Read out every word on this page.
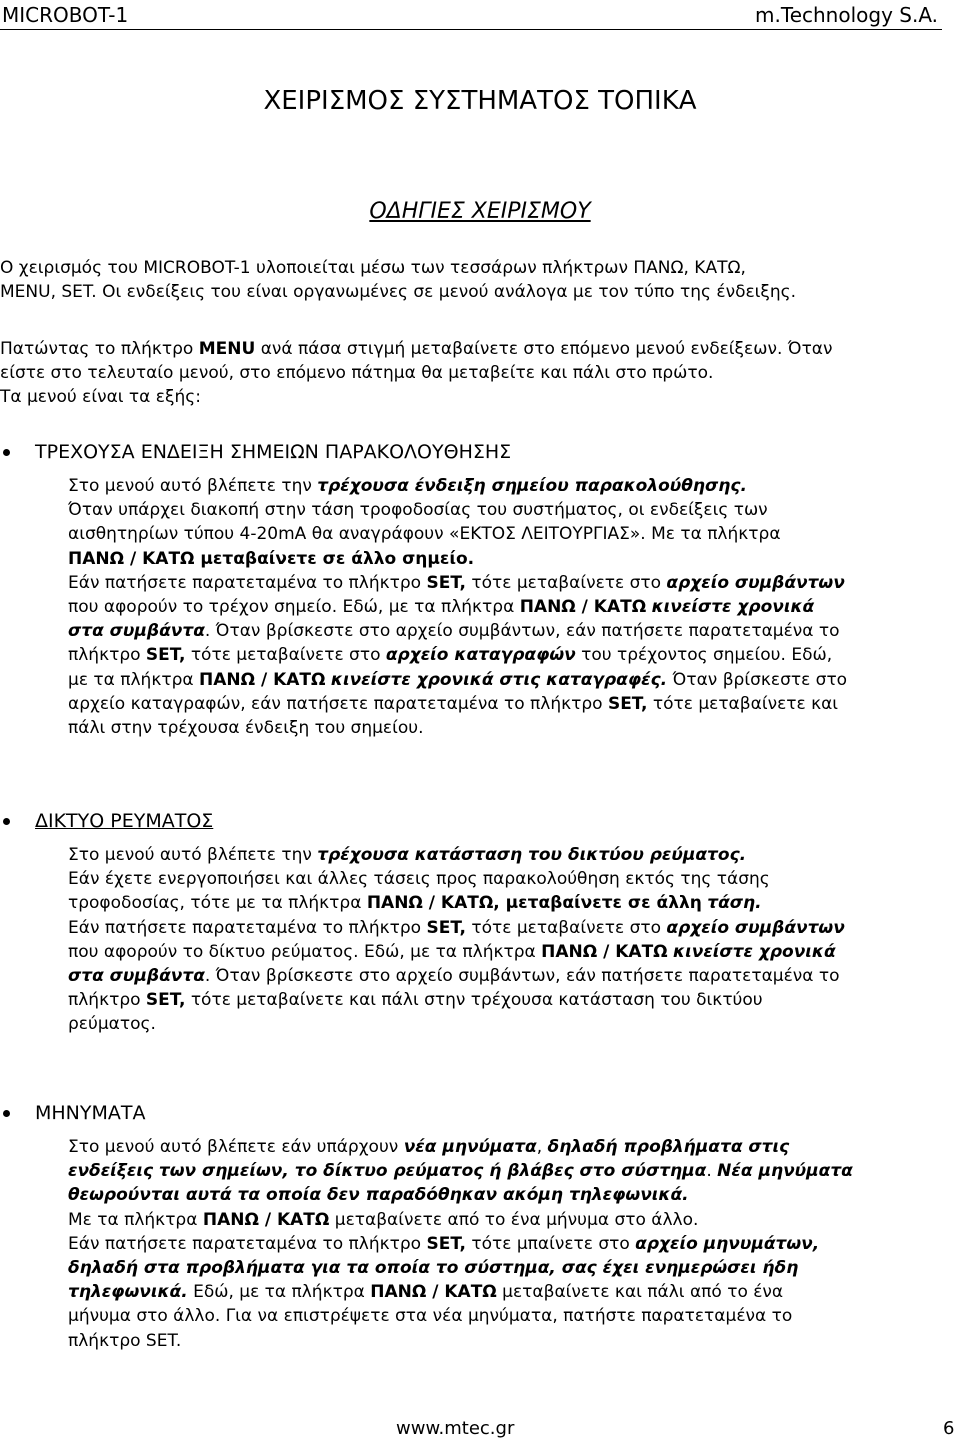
MICROBOT-1	m.Technology S.A.
ΧΕΙΡΙΣΜΟΣ ΣΥΣΤΗΜΑΤΟΣ ΤΟΠΙΚΑ
ΟΔΗΓΙΕΣ ΧΕΙΡΙΣΜΟΥ
Ο χειρισμός του MICROBOT-1 υλοποιείται μέσω των τεσσάρων πλήκτρων ΠΑΝΩ, ΚΑΤΩ,
MENU, SET. Οι ενδείξεις του είναι οργανωμένες σε μενού ανάλογα με τον τύπο της ένδειξης.
Πατώντας το πλήκτρο MENU ανά πάσα στιγμή μεταβαίνετε στο επόμενο μενού ενδείξεων. Όταν
είστε στο τελευταίο μενού, στο επόμενο πάτημα θα μεταβείτε και πάλι στο πρώτο.
Τα μενού είναι τα εξής:
ΤΡΕΧΟΥΣΑ ΕΝΔΕΙΞΗ ΣΗΜΕΙΩΝ ΠΑΡΑΚΟΛΟΥΘΗΣΗΣ
Στο μενού αυτό βλέπετε την τρέχουσα ένδειξη σημείου παρακολούθησης.
Όταν υπάρχει διακοπή στην τάση τροφοδοσίας του συστήματος, οι ενδείξεις των
αισθητηρίων τύπου 4-20mA θα αναγράφουν «ΕΚΤΟΣ ΛΕΙΤΟΥΡΓΙΑΣ». Με τα πλήκτρα
ΠΑΝΩ / ΚΑΤΩ μεταβαίνετε σε άλλο σημείο.
Εάν πατήσετε παρατεταμένα το πλήκτρο SET, τότε μεταβαίνετε στο αρχείο συμβάντων
που αφορούν το τρέχον σημείο. Εδώ, με τα πλήκτρα ΠΑΝΩ / ΚΑΤΩ κινείστε χρονικά
στα συμβάντα. Όταν βρίσκεστε στο αρχείο συμβάντων, εάν πατήσετε παρατεταμένα το
πλήκτρο SET, τότε μεταβαίνετε στο αρχείο καταγραφών του τρέχοντος σημείου. Εδώ,
με τα πλήκτρα ΠΑΝΩ / ΚΑΤΩ κινείστε χρονικά στις καταγραφές. Όταν βρίσκεστε στο
αρχείο καταγραφών, εάν πατήσετε παρατεταμένα το πλήκτρο SET, τότε μεταβαίνετε και
πάλι στην τρέχουσα ένδειξη του σημείου.
ΔΙΚΤΥΟ ΡΕΥΜΑΤΟΣ
Στο μενού αυτό βλέπετε την τρέχουσα κατάσταση του δικτύου ρεύματος.
Εάν έχετε ενεργοποιήσει και άλλες τάσεις προς παρακολούθηση εκτός της τάσης
τροφοδοσίας, τότε με τα πλήκτρα ΠΑΝΩ / ΚΑΤΩ, μεταβαίνετε σε άλλη τάση.
Εάν πατήσετε παρατεταμένα το πλήκτρο SET, τότε μεταβαίνετε στο αρχείο συμβάντων
που αφορούν το δίκτυο ρεύματος. Εδώ, με τα πλήκτρα ΠΑΝΩ / ΚΑΤΩ κινείστε χρονικά
στα συμβάντα. Όταν βρίσκεστε στο αρχείο συμβάντων, εάν πατήσετε παρατεταμένα το
πλήκτρο SET, τότε μεταβαίνετε και πάλι στην τρέχουσα κατάσταση του δικτύου
ρεύματος.
ΜΗΝΥΜΑΤΑ
Στο μενού αυτό βλέπετε εάν υπάρχουν νέα μηνύματα, δηλαδή προβλήματα στις
ενδείξεις των σημείων, το δίκτυο ρεύματος ή βλάβες στο σύστημα. Νέα μηνύματα
θεωρούνται αυτά τα οποία δεν παραδόθηκαν ακόμη τηλεφωνικά.
Με τα πλήκτρα ΠΑΝΩ / ΚΑΤΩ μεταβαίνετε από το ένα μήνυμα στο άλλο.
Εάν πατήσετε παρατεταμένα το πλήκτρο SET, τότε μπαίνετε στο αρχείο μηνυμάτων,
δηλαδή στα προβλήματα για τα οποία το σύστημα, σας έχει ενημερώσει ήδη
τηλεφωνικά. Εδώ, με τα πλήκτρα ΠΑΝΩ / ΚΑΤΩ μεταβαίνετε και πάλι από το ένα
μήνυμα στο άλλο. Για να επιστρέψετε στα νέα μηνύματα, πατήστε παρατεταμένα το
πλήκτρο SET.
www.mtec.gr	6
